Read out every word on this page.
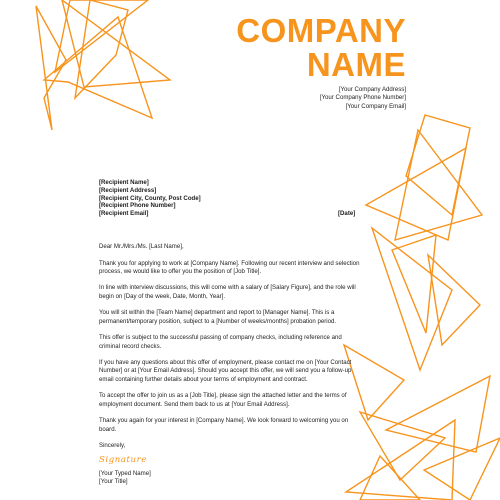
COMPANY
NAME
[Your Company Address]
[Your Company Phone Number]
[Your Company Email]
[Recipient Name]
[Recipient Address]
[Recipient City, County, Post Code]
[Recipient Phone Number]
[Recipient Email]	[Date]

Dear Mr./Mrs./Ms. [Last Name],

Thank you for applying to work at [Company Name]. Following our recent interview and selection process, we would like to offer you the position of [Job Title].

In line with interview discussions, this will come with a salary of [Salary Figure], and the role will begin on [Day of the week, Date, Month, Year].

You will sit within the [Team Name] department and report to [Manager Name]. This is a permanent/temporary position, subject to a [Number of weeks/months] probation period.

This offer is subject to the successful passing of company checks, including reference and criminal record checks.

If you have any questions about this offer of employment, please contact me on [Your Contact Number] or at [Your Email Address]. Should you accept this offer, we will send you a follow-up email containing further details about your terms of employment and contract.

To accept the offer to join us as a [Job Title], please sign the attached letter and the terms of employment document. Send them back to us at [Your Email Address].

Thank you again for your interest in [Company Name]. We look forward to welcoming you on board.

Sincerely,

Signature
[Your Typed Name]
[Your Title]
